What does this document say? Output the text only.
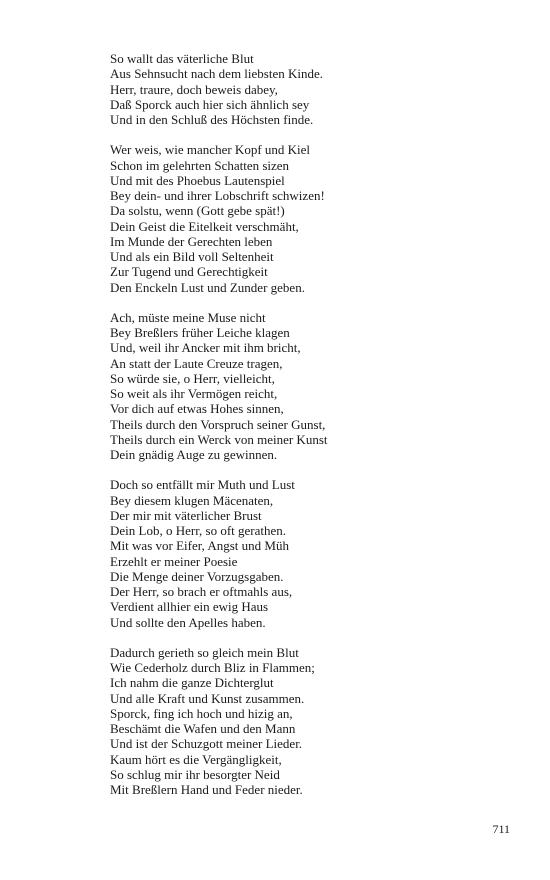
So wallt das väterliche Blut
Aus Sehnsucht nach dem liebsten Kinde.
Herr, traure, doch beweis dabey,
Daß Sporck auch hier sich ähnlich sey
Und in den Schluß des Höchsten finde.
Wer weis, wie mancher Kopf und Kiel
Schon im gelehrten Schatten sizen
Und mit des Phoebus Lautenspiel
Bey dein- und ihrer Lobschrift schwizen!
Da solstu, wenn (Gott gebe spät!)
Dein Geist die Eitelkeit verschmäht,
Im Munde der Gerechten leben
Und als ein Bild voll Seltenheit
Zur Tugend und Gerechtigkeit
Den Enckeln Lust und Zunder geben.
Ach, müste meine Muse nicht
Bey Breßlers früher Leiche klagen
Und, weil ihr Ancker mit ihm bricht,
An statt der Laute Creuze tragen,
So würde sie, o Herr, vielleicht,
So weit als ihr Vermögen reicht,
Vor dich auf etwas Hohes sinnen,
Theils durch den Vorspruch seiner Gunst,
Theils durch ein Werck von meiner Kunst
Dein gnädig Auge zu gewinnen.
Doch so entfällt mir Muth und Lust
Bey diesem klugen Mäcenaten,
Der mir mit väterlicher Brust
Dein Lob, o Herr, so oft gerathen.
Mit was vor Eifer, Angst und Müh
Erzehlt er meiner Poesie
Die Menge deiner Vorzugsgaben.
Der Herr, so brach er oftmahls aus,
Verdient allhier ein ewig Haus
Und sollte den Apelles haben.
Dadurch gerieth so gleich mein Blut
Wie Cederholz durch Bliz in Flammen;
Ich nahm die ganze Dichterglut
Und alle Kraft und Kunst zusammen.
Sporck, fing ich hoch und hizig an,
Beschämt die Wafen und den Mann
Und ist der Schuzgott meiner Lieder.
Kaum hört es die Vergängligkeit,
So schlug mir ihr besorgter Neid
Mit Breßlern Hand und Feder nieder.
711
